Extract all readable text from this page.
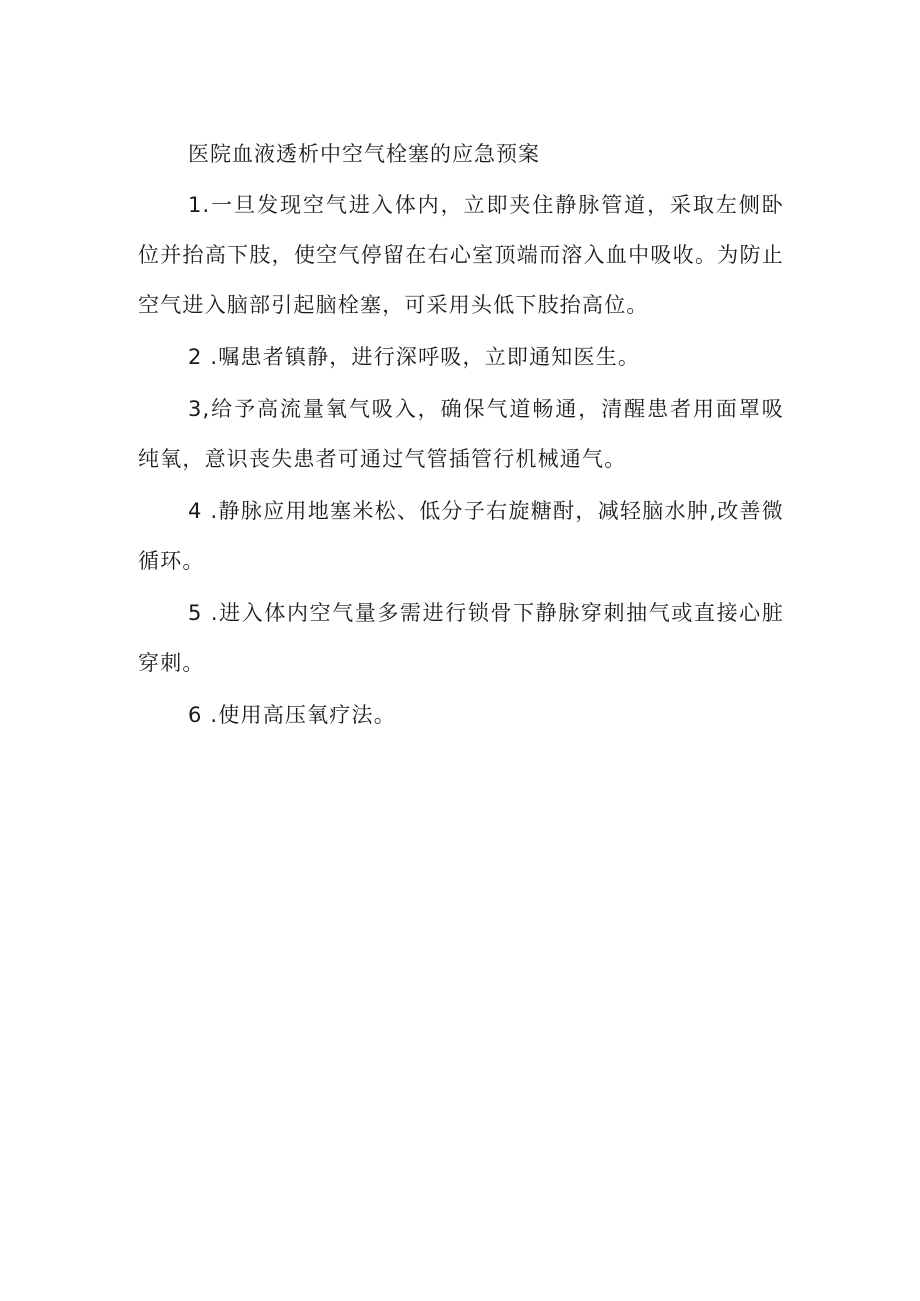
医院血液透析中空气栓塞的应急预案

1.一旦发现空气进入体内，立即夹住静脉管道，采取左侧卧位并抬高下肢，使空气停留在右心室顶端而溶入血中吸收。为防止空气进入脑部引起脑栓塞，可采用头低下肢抬高位。

2 .嘱患者镇静，进行深呼吸，立即通知医生。

3,给予高流量氧气吸入，确保气道畅通，清醒患者用面罩吸纯氧，意识丧失患者可通过气管插管行机械通气。

4 .静脉应用地塞米松、低分子右旋糖酎，减轻脑水肿,改善微循环。

5 .进入体内空气量多需进行锁骨下静脉穿刺抽气或直接心脏穿刺。

6 .使用高压氧疗法。
